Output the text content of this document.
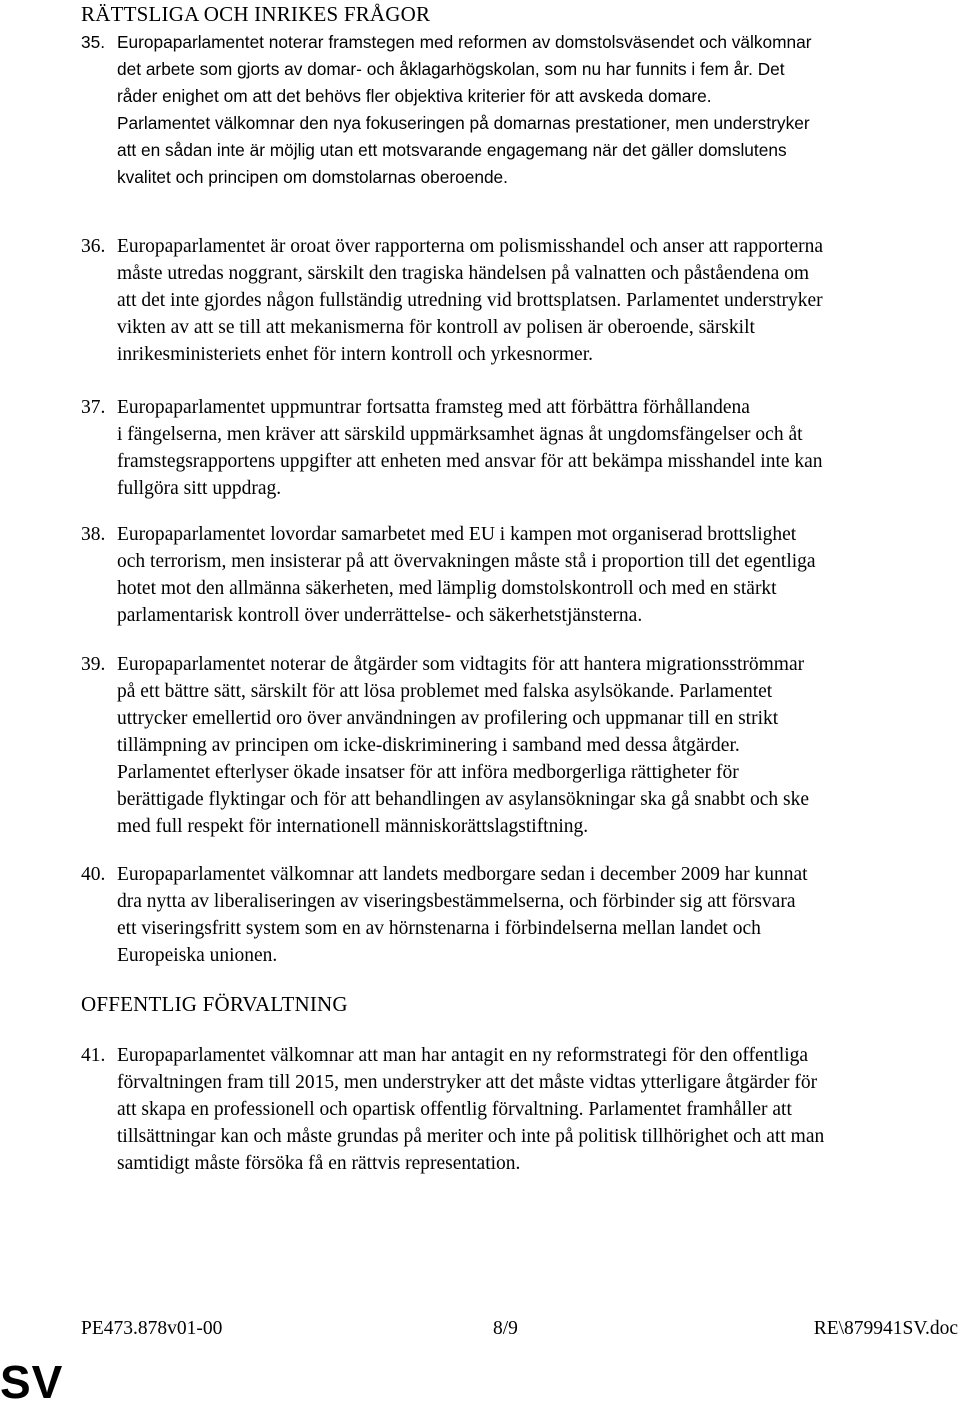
RÄTTSLIGA OCH INRIKES FRÅGOR
35. Europaparlamentet noterar framstegen med reformen av domstolsväsendet och välkomnar
det arbete som gjorts av domar- och åklagarhögskolan, som nu har funnits i fem år. Det
råder enighet om att det behövs fler objektiva kriterier för att avskeda domare.
Parlamentet välkomnar den nya fokuseringen på domarnas prestationer, men understryker
att en sådan inte är möjlig utan ett motsvarande engagemang när det gäller domslutens
kvalitet och principen om domstolarnas oberoende.
36. Europaparlamentet är oroat över rapporterna om polismisshandel och anser att rapporterna
måste utredas noggrant, särskilt den tragiska händelsen på valnatten och påståendena om
att det inte gjordes någon fullständig utredning vid brottsplatsen. Parlamentet understryker
vikten av att se till att mekanismerna för kontroll av polisen är oberoende, särskilt
inrikesministeriets enhet för intern kontroll och yrkesnormer.
37. Europaparlamentet uppmuntrar fortsatta framsteg med att förbättra förhållandena
i fängelserna, men kräver att särskild uppmärksamhet ägnas åt ungdomsfängelser och åt
framstegsrapportens uppgifter att enheten med ansvar för att bekämpa misshandel inte kan
fullgöra sitt uppdrag.
38. Europaparlamentet lovordar samarbetet med EU i kampen mot organiserad brottslighet
och terrorism, men insisterar på att övervakningen måste stå i proportion till det egentliga
hotet mot den allmänna säkerheten, med lämplig domstolskontroll och med en stärkt
parlamentarisk kontroll över underrättelse- och säkerhetstjänsterna.
39. Europaparlamentet noterar de åtgärder som vidtagits för att hantera migrationsströmmar
på ett bättre sätt, särskilt för att lösa problemet med falska asylsökande. Parlamentet
uttrycker emellertid oro över användningen av profilering och uppmanar till en strikt
tillämpning av principen om icke-diskriminering i samband med dessa åtgärder.
Parlamentet efterlyser ökade insatser för att införa medborgerliga rättigheter för
berättigade flyktingar och för att behandlingen av asylansökningar ska gå snabbt och ske
med full respekt för internationell människorättslagstiftning.
40. Europaparlamentet välkomnar att landets medborgare sedan i december 2009 har kunnat
dra nytta av liberaliseringen av viseringsbestämmelserna, och förbinder sig att försvara
ett viseringsfritt system som en av hörnstenarna i förbindelserna mellan landet och
Europeiska unionen.
OFFENTLIG FÖRVALTNING
41. Europaparlamentet välkomnar att man har antagit en ny reformstrategi för den offentliga
förvaltningen fram till 2015, men understryker att det måste vidtas ytterligare åtgärder för
att skapa en professionell och opartisk offentlig förvaltning. Parlamentet framhåller att
tillsättningar kan och måste grundas på meriter och inte på politisk tillhörighet och att man
samtidigt måste försöka få en rättvis representation.
PE473.878v01-00	8/9	RE\879941SV.doc
SV
